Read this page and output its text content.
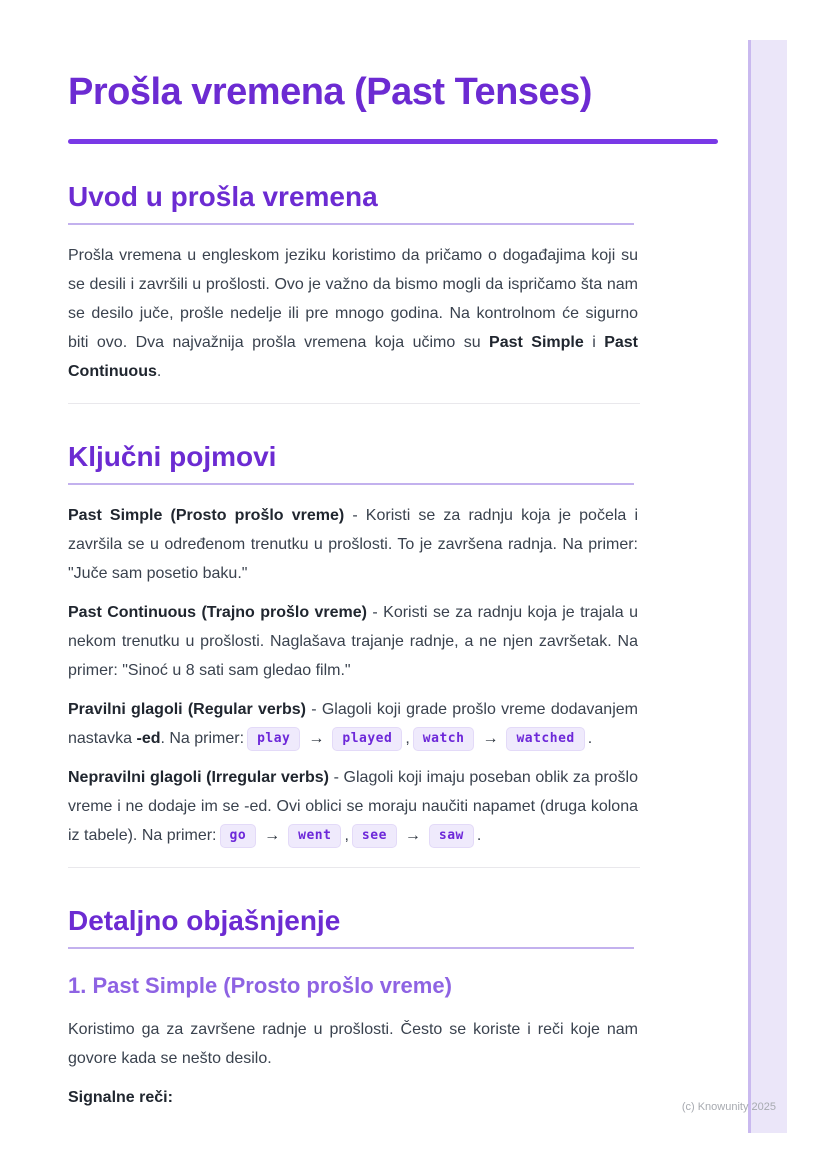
Prošla vremena (Past Tenses)
Uvod u prošla vremena

Prošla vremena u engleskom jeziku koristimo da pričamo o događajima koji su se desili i završili u prošlosti. Ovo je važno da bismo mogli da ispričamo šta nam se desilo juče, prošle nedelje ili pre mnogo godina. Na kontrolnom će sigurno biti ovo. Dva najvažnija prošla vremena koja učimo su Past Simple i Past Continuous.

Ključni pojmovi

Past Simple (Prosto prošlo vreme) - Koristi se za radnju koja je počela i završila se u određenom trenutku u prošlosti. To je završena radnja. Na primer: "Juče sam posetio baku."

Past Continuous (Trajno prošlo vreme) - Koristi se za radnju koja je trajala u nekom trenutku u prošlosti. Naglašava trajanje radnje, a ne njen završetak. Na primer: "Sinoć u 8 sati sam gledao film."

Pravilni glagoli (Regular verbs) - Glagoli koji grade prošlo vreme dodavanjem nastavka -ed. Na primer: play → played , watch → watched .

Nepravilni glagoli (Irregular verbs) - Glagoli koji imaju poseban oblik za prošlo vreme i ne dodaje im se -ed. Ovi oblici se moraju naučiti napamet (druga kolona iz tabele). Na primer: go → went , see → saw .

Detaljno objašnjenje
1. Past Simple (Prosto prošlo vreme)

Koristimo ga za završene radnje u prošlosti. Često se koriste i reči koje nam govore kada se nešto desilo.

Signalne reči:

(c) Knowunity 2025
